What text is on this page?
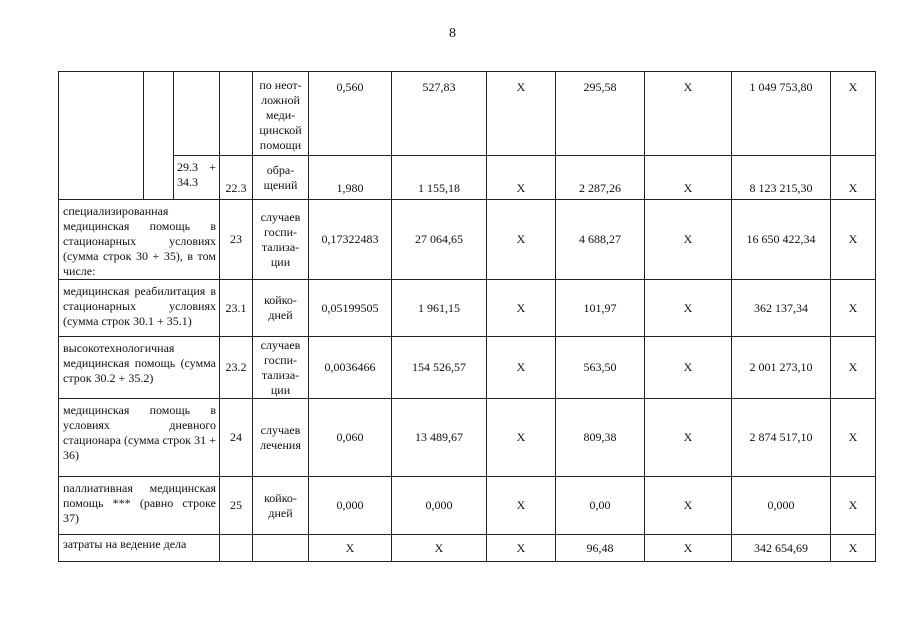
8
				по неот-ложной меди-цинской помощи	0,560	527,83	Х	295,58	Х	1 049 753,80	Х
		29.3 + 34.3	22.3	обра-щений	1,980	1 155,18	Х	2 287,26	Х	8 123 215,30	Х
специализированная медицинская помощь в стационарных условиях (сумма строк 30 + 35), в том числе:			23	случаев госпи-тализа-ции	0,17322483	27 064,65	Х	4 688,27	Х	16 650 422,34	Х
медицинская реабилитация в стационарных условиях (сумма строк 30.1 + 35.1)			23.1	койко-дней	0,05199505	1 961,15	Х	101,97	Х	362 137,34	Х
высокотехнологичная медицинская помощь (сумма строк 30.2 + 35.2)			23.2	случаев госпи-тализа-ции	0,0036466	154 526,57	Х	563,50	Х	2 001 273,10	Х
медицинская помощь в условиях дневного стационара (сумма строк 31 + 36)			24	случаев лечения	0,060	13 489,67	Х	809,38	Х	2 874 517,10	Х
паллиативная медицинская помощь *** (равно строке 37)			25	койко-дней	0,000	0,000	Х	0,00	Х	0,000	Х
затраты на ведение дела					Х	Х	Х	96,48	Х	342 654,69	Х
